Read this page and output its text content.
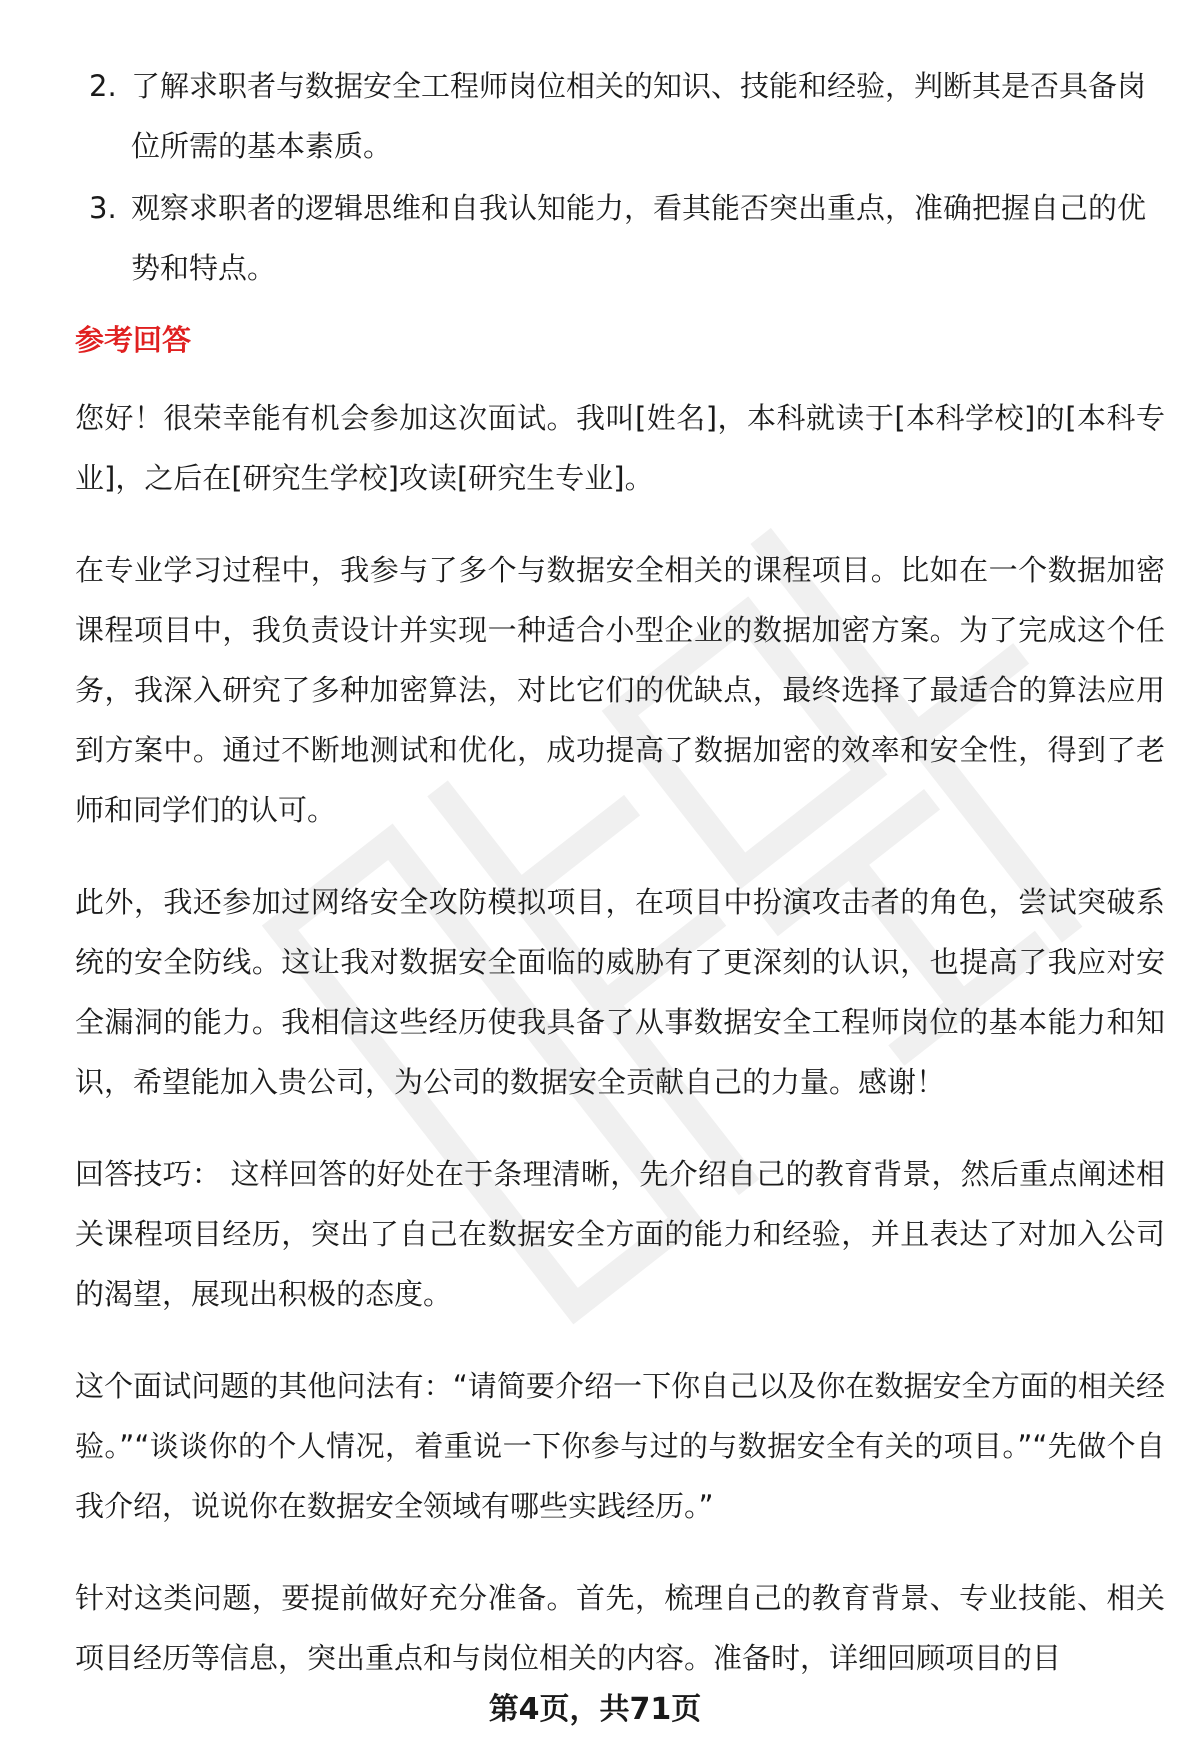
2. 了解求职者与数据安全工程师岗位相关的知识、技能和经验，判断其是否具备岗位所需的基本素质。
3. 观察求职者的逻辑思维和自我认知能力，看其能否突出重点，准确把握自己的优势和特点。
参考回答

您好！很荣幸能有机会参加这次面试。我叫[姓名]，本科就读于[本科学校]的[本科专业]，之后在[研究生学校]攻读[研究生专业]。

在专业学习过程中，我参与了多个与数据安全相关的课程项目。比如在一个数据加密课程项目中，我负责设计并实现一种适合小型企业的数据加密方案。为了完成这个任务，我深入研究了多种加密算法，对比它们的优缺点，最终选择了最适合的算法应用到方案中。通过不断地测试和优化，成功提高了数据加密的效率和安全性，得到了老师和同学们的认可。

此外，我还参加过网络安全攻防模拟项目，在项目中扮演攻击者的角色，尝试突破系统的安全防线。这让我对数据安全面临的威胁有了更深刻的认识，也提高了我应对安全漏洞的能力。我相信这些经历使我具备了从事数据安全工程师岗位的基本能力和知识，希望能加入贵公司，为公司的数据安全贡献自己的力量。感谢！

回答技巧： 这样回答的好处在于条理清晰，先介绍自己的教育背景，然后重点阐述相关课程项目经历，突出了自己在数据安全方面的能力和经验，并且表达了对加入公司的渴望，展现出积极的态度。

这个面试问题的其他问法有：“请简要介绍一下你自己以及你在数据安全方面的相关经验。”“谈谈你的个人情况，着重说一下你参与过的与数据安全有关的项目。”“先做个自我介绍，说说你在数据安全领域有哪些实践经历。”

针对这类问题，要提前做好充分准备。首先，梳理自己的教育背景、专业技能、相关项目经历等信息，突出重点和与岗位相关的内容。准备时，详细回顾项目的目

第4页，共71页
